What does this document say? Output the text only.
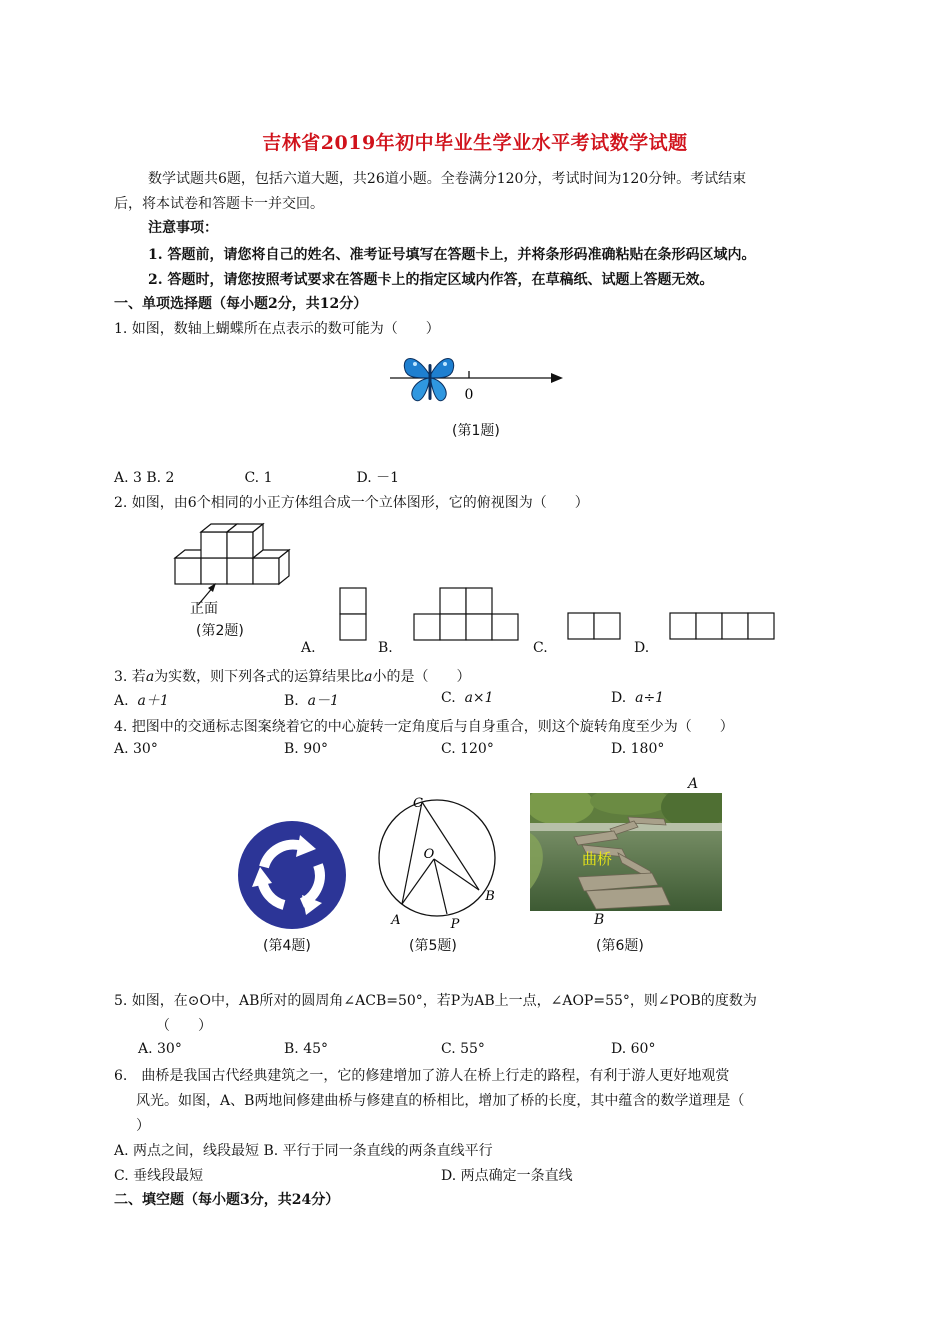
吉林省2019年初中毕业生学业水平考试数学试题
数学试题共6题，包括六道大题，共26道小题。全卷满分120分，考试时间为120分钟。考试结束
后，将本试卷和答题卡一并交回。
注意事项：
1. 答题前，请您将自己的姓名、准考证号填写在答题卡上，并将条形码准确粘贴在条形码区域内。
2. 答题时，请您按照考试要求在答题卡上的指定区域内作答，在草稿纸、试题上答题无效。
一、单项选择题（每小题2分，共12分）
1. 如图，数轴上蝴蝶所在点表示的数可能为（　　）
0
(第1题)
A. 3 B. 2　　　　　C. 1　　　　　　D. －1
2. 如图，由6个相同的小正方体组合成一个立体图形，它的俯视图为（　　）
正面
(第2题)
A.	B.	C.	D.
3. 若a为实数，则下列各式的运算结果比a小的是（　　）
A. a＋1	B. a－1	C. a×1	D. a÷1
4. 把图中的交通标志图案绕着它的中心旋转一定角度后与自身重合，则这个旋转角度至少为（　　）
A. 30°	B. 90°	C. 120°	D. 180°
(第4题)
C
O
A	P
B
(第5题)
A
曲桥
B
(第6题)
5. 如图，在⊙O中，AB所对的圆周角∠ACB=50°，若P为AB上一点，∠AOP=55°，则∠POB的度数为
（　　）
A. 30°	B. 45°	C. 55°	D. 60°
6.　曲桥是我国古代经典建筑之一，它的修建增加了游人在桥上行走的路程，有利于游人更好地观赏
风光。如图，A、B两地间修建曲桥与修建直的桥相比，增加了桥的长度，其中蕴含的数学道理是（
）
A. 两点之间，线段最短 B. 平行于同一条直线的两条直线平行
C. 垂线段最短	D. 两点确定一条直线
二、填空题（每小题3分，共24分）
